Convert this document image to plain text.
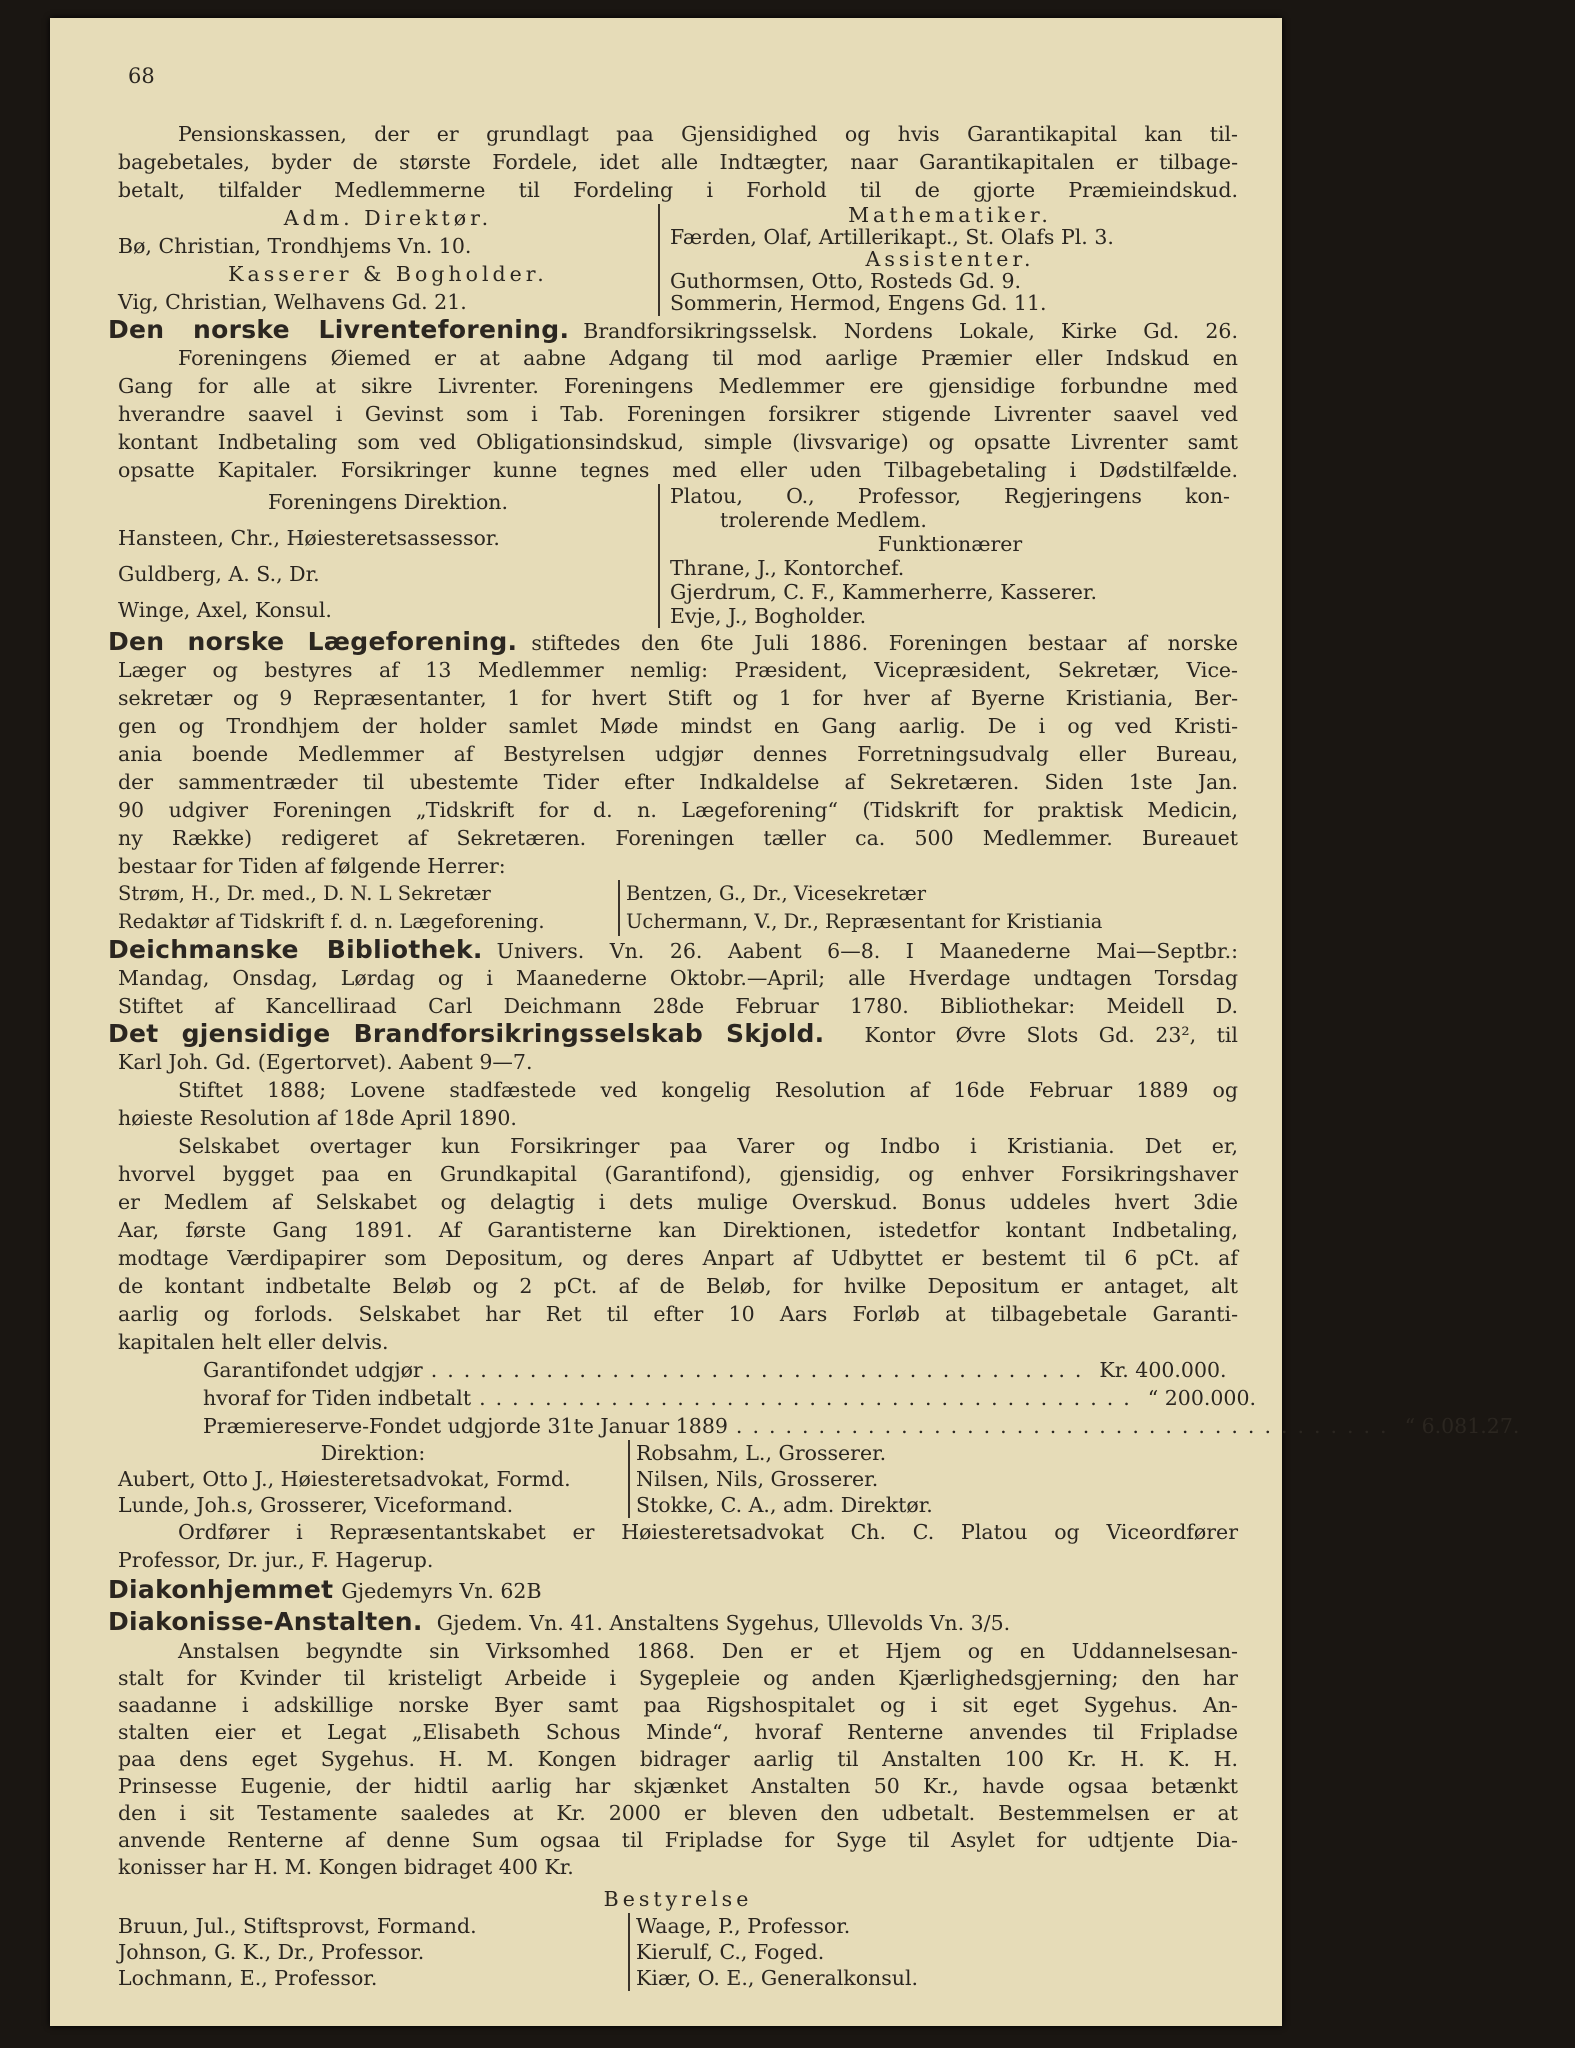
68
Pensionskassen, der er grundlagt paa Gjensidighed og hvis Garantikapital kan til-
bagebetales, byder de største Fordele, idet alle Indtægter, naar Garantikapitalen er tilbage-
betalt, tilfalder Medlemmerne til Fordeling i Forhold til de gjorte Præmieindskud.
Adm. Direktør.
Bø, Christian, Trondhjems Vn. 10.
Kasserer & Bogholder.
Vig, Christian, Welhavens Gd. 21.
Mathematiker.
Færden, Olaf, Artillerikapt., St. Olafs Pl. 3.
Assistenter.
Guthormsen, Otto, Rosteds Gd. 9.
Sommerin, Hermod, Engens Gd. 11.
Den norske Livrenteforening. Brandforsikringsselsk. Nordens Lokale, Kirke Gd. 26.
Foreningens Øiemed er at aabne Adgang til mod aarlige Præmier eller Indskud en
Gang for alle at sikre Livrenter. Foreningens Medlemmer ere gjensidige forbundne med
hverandre saavel i Gevinst som i Tab. Foreningen forsikrer stigende Livrenter saavel ved
kontant Indbetaling som ved Obligationsindskud, simple (livsvarige) og opsatte Livrenter samt
opsatte Kapitaler. Forsikringer kunne tegnes med eller uden Tilbagebetaling i Dødstilfælde.
Foreningens Direktion.
Hansteen, Chr., Høiesteretsassessor.
Guldberg, A. S., Dr.
Winge, Axel, Konsul.
Platou, O., Professor, Regjeringens kon-
trolerende Medlem.
Funktionærer
Thrane, J., Kontorchef.
Gjerdrum, C. F., Kammerherre, Kasserer.
Evje, J., Bogholder.
Den norske Lægeforening. stiftedes den 6te Juli 1886. Foreningen bestaar af norske
Læger og bestyres af 13 Medlemmer nemlig: Præsident, Vicepræsident, Sekretær, Vice-
sekretær og 9 Repræsentanter, 1 for hvert Stift og 1 for hver af Byerne Kristiania, Ber-
gen og Trondhjem der holder samlet Møde mindst en Gang aarlig. De i og ved Kristi-
ania boende Medlemmer af Bestyrelsen udgjør dennes Forretningsudvalg eller Bureau,
der sammentræder til ubestemte Tider efter Indkaldelse af Sekretæren. Siden 1ste Jan.
90 udgiver Foreningen „Tidskrift for d. n. Lægeforening“ (Tidskrift for praktisk Medicin,
ny Række) redigeret af Sekretæren. Foreningen tæller ca. 500 Medlemmer. Bureauet
bestaar for Tiden af følgende Herrer:
Strøm, H., Dr. med., D. N. L Sekretær
Redaktør af Tidskrift f. d. n. Lægeforening.
Bentzen, G., Dr., Vicesekretær
Uchermann, V., Dr., Repræsentant for Kristiania
Deichmanske Bibliothek. Univers. Vn. 26. Aabent 6—8. I Maanederne Mai—Septbr.:
Mandag, Onsdag, Lørdag og i Maanederne Oktobr.—April; alle Hverdage undtagen Torsdag
Stiftet af Kancelliraad Carl Deichmann 28de Februar 1780. Bibliothekar: Meidell D.
Det gjensidige Brandforsikringsselskab Skjold. Kontor Øvre Slots Gd. 23², til
Karl Joh. Gd. (Egertorvet). Aabent 9—7.
Stiftet 1888; Lovene stadfæstede ved kongelig Resolution af 16de Februar 1889 og
høieste Resolution af 18de April 1890.
Selskabet overtager kun Forsikringer paa Varer og Indbo i Kristiania. Det er,
hvorvel bygget paa en Grundkapital (Garantifond), gjensidig, og enhver Forsikringshaver
er Medlem af Selskabet og delagtig i dets mulige Overskud. Bonus uddeles hvert 3die
Aar, første Gang 1891. Af Garantisterne kan Direktionen, istedetfor kontant Indbetaling,
modtage Værdipapirer som Depositum, og deres Anpart af Udbyttet er bestemt til 6 pCt. af
de kontant indbetalte Beløb og 2 pCt. af de Beløb, for hvilke Depositum er antaget, alt
aarlig og forlods. Selskabet har Ret til efter 10 Aars Forløb at tilbagebetale Garanti-
kapitalen helt eller delvis.
Garantifondet udgjør ........................................ Kr. 400.000.
hvoraf for Tiden indbetalt ........................................ “ 200.000.
Præmiereserve-Fondet udgjorde 31te Januar 1889 ........................................ “ 6.081.27.
Direktion:
Aubert, Otto J., Høiesteretsadvokat, Formd.
Lunde, Joh.s, Grosserer, Viceformand.
Robsahm, L., Grosserer.
Nilsen, Nils, Grosserer.
Stokke, C. A., adm. Direktør.
Ordfører i Repræsentantskabet er Høiesteretsadvokat Ch. C. Platou og Viceordfører
Professor, Dr. jur., F. Hagerup.
Diakonhjemmet Gjedemyrs Vn. 62B
Diakonisse-Anstalten. Gjedem. Vn. 41. Anstaltens Sygehus, Ullevolds Vn. 3/5.
Anstalsen begyndte sin Virksomhed 1868. Den er et Hjem og en Uddannelsesan-
stalt for Kvinder til kristeligt Arbeide i Sygepleie og anden Kjærlighedsgjerning; den har
saadanne i adskillige norske Byer samt paa Rigshospitalet og i sit eget Sygehus. An-
stalten eier et Legat „Elisabeth Schous Minde“, hvoraf Renterne anvendes til Fripladse
paa dens eget Sygehus. H. M. Kongen bidrager aarlig til Anstalten 100 Kr. H. K. H.
Prinsesse Eugenie, der hidtil aarlig har skjænket Anstalten 50 Kr., havde ogsaa betænkt
den i sit Testamente saaledes at Kr. 2000 er bleven den udbetalt. Bestemmelsen er at
anvende Renterne af denne Sum ogsaa til Fripladse for Syge til Asylet for udtjente Dia-
konisser har H. M. Kongen bidraget 400 Kr.
Bestyrelse
Bruun, Jul., Stiftsprovst, Formand.
Johnson, G. K., Dr., Professor.
Lochmann, E., Professor.
Waage, P., Professor.
Kierulf, C., Foged.
Kiær, O. E., Generalkonsul.
